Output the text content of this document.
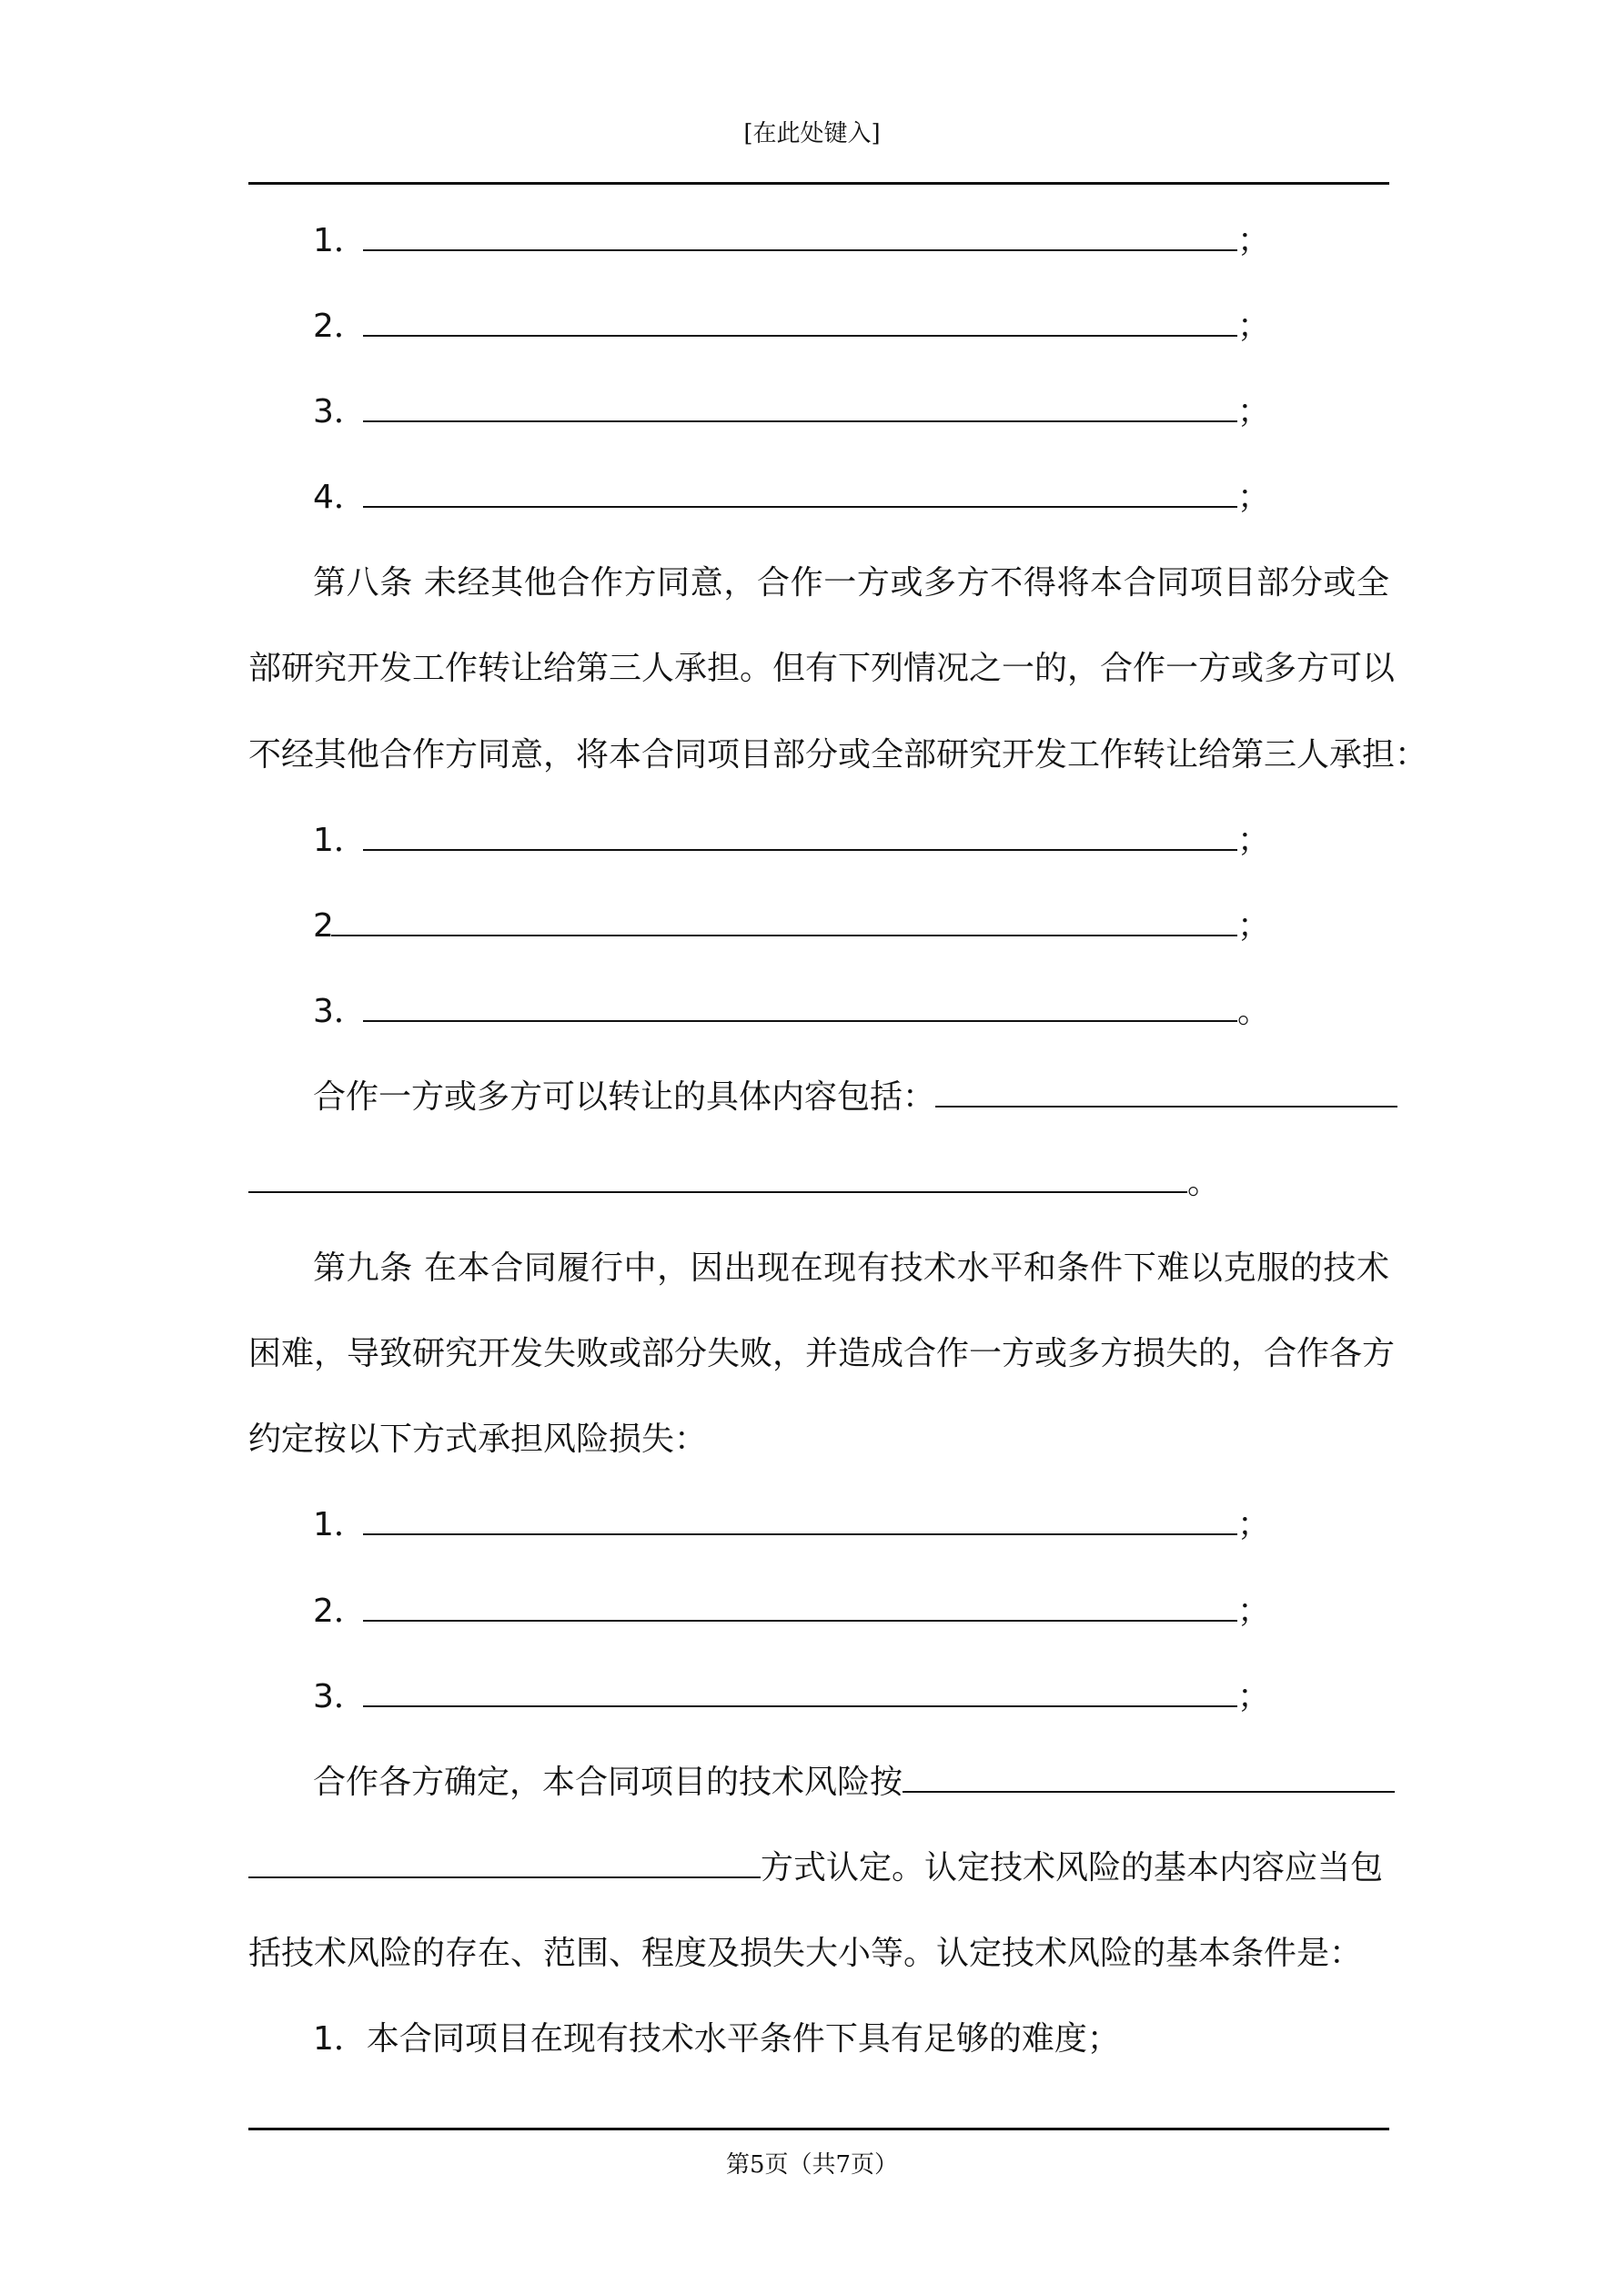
[在此处键入]
1．	；
2．	；
3．	；
4．	；
第八条 未经其他合作方同意，合作一方或多方不得将本合同项目部分或全
部研究开发工作转让给第三人承担。但有下列情况之一的，合作一方或多方可以
不经其他合作方同意，将本合同项目部分或全部研究开发工作转让给第三人承担：
1．	；
2	；
3．	。
合作一方或多方可以转让的具体内容包括：
。
第九条 在本合同履行中，因出现在现有技术水平和条件下难以克服的技术
困难，导致研究开发失败或部分失败，并造成合作一方或多方损失的，合作各方
约定按以下方式承担风险损失：
1．	；
2．	；
3．	；
合作各方确定，本合同项目的技术风险按
方式认定。认定技术风险的基本内容应当包
括技术风险的存在、范围、程度及损失大小等。认定技术风险的基本条件是：
1．本合同项目在现有技术水平条件下具有足够的难度；
第5页（共7页）
